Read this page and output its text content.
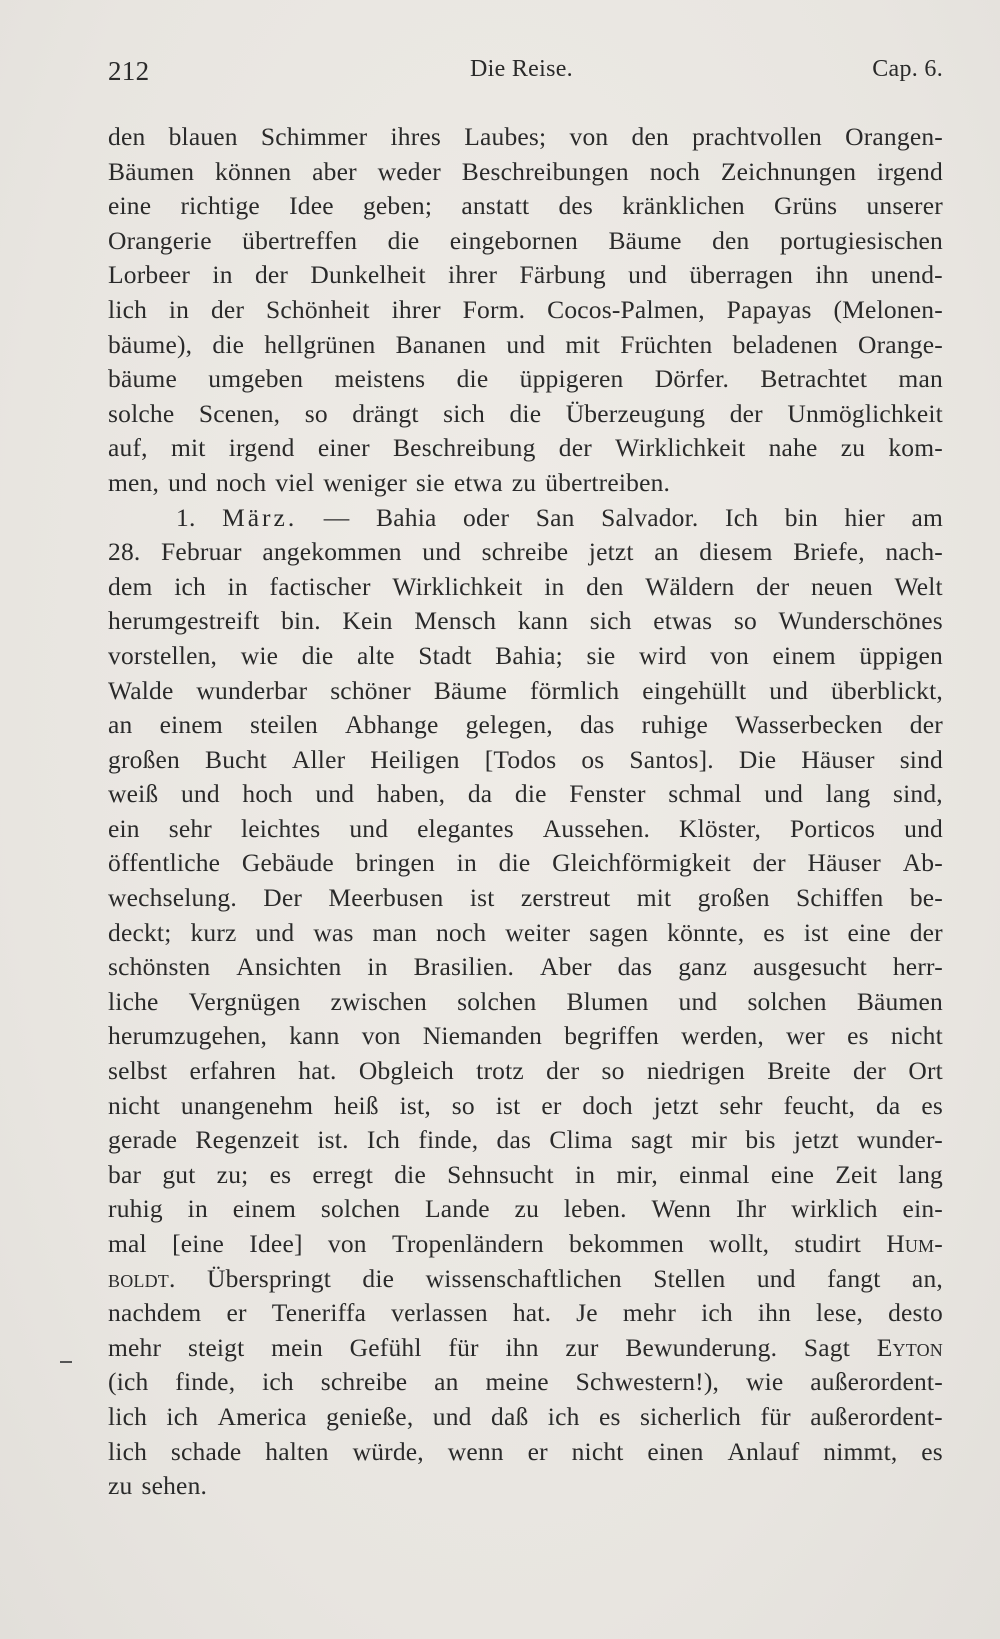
212	Die Reise.	Cap. 6.
den blauen Schimmer ihres Laubes; von den prachtvollen Orangen-
Bäumen können aber weder Beschreibungen noch Zeichnungen irgend
eine richtige Idee geben; anstatt des kränklichen Grüns unserer
Orangerie übertreffen die eingebornen Bäume den portugiesischen
Lorbeer in der Dunkelheit ihrer Färbung und überragen ihn unend-
lich in der Schönheit ihrer Form. Cocos-Palmen, Papayas (Melonen-
bäume), die hellgrünen Bananen und mit Früchten beladenen Orange-
bäume umgeben meistens die üppigeren Dörfer. Betrachtet man
solche Scenen, so drängt sich die Überzeugung der Unmöglichkeit
auf, mit irgend einer Beschreibung der Wirklichkeit nahe zu kom-
men, und noch viel weniger sie etwa zu übertreiben.
1. März. — Bahia oder San Salvador. Ich bin hier am
28. Februar angekommen und schreibe jetzt an diesem Briefe, nach-
dem ich in factischer Wirklichkeit in den Wäldern der neuen Welt
herumgestreift bin. Kein Mensch kann sich etwas so Wunderschönes
vorstellen, wie die alte Stadt Bahia; sie wird von einem üppigen
Walde wunderbar schöner Bäume förmlich eingehüllt und überblickt,
an einem steilen Abhange gelegen, das ruhige Wasserbecken der
großen Bucht Aller Heiligen [Todos os Santos]. Die Häuser sind
weiß und hoch und haben, da die Fenster schmal und lang sind,
ein sehr leichtes und elegantes Aussehen. Klöster, Porticos und
öffentliche Gebäude bringen in die Gleichförmigkeit der Häuser Ab-
wechselung. Der Meerbusen ist zerstreut mit großen Schiffen be-
deckt; kurz und was man noch weiter sagen könnte, es ist eine der
schönsten Ansichten in Brasilien. Aber das ganz ausgesucht herr-
liche Vergnügen zwischen solchen Blumen und solchen Bäumen
herumzugehen, kann von Niemanden begriffen werden, wer es nicht
selbst erfahren hat. Obgleich trotz der so niedrigen Breite der Ort
nicht unangenehm heiß ist, so ist er doch jetzt sehr feucht, da es
gerade Regenzeit ist. Ich finde, das Clima sagt mir bis jetzt wunder-
bar gut zu; es erregt die Sehnsucht in mir, einmal eine Zeit lang
ruhig in einem solchen Lande zu leben. Wenn Ihr wirklich ein-
mal [eine Idee] von Tropenländern bekommen wollt, studirt Hum-
boldt. Überspringt die wissenschaftlichen Stellen und fangt an,
nachdem er Teneriffa verlassen hat. Je mehr ich ihn lese, desto
mehr steigt mein Gefühl für ihn zur Bewunderung. Sagt Eyton
(ich finde, ich schreibe an meine Schwestern!), wie außerordent-
lich ich America genieße, und daß ich es sicherlich für außerordent-
lich schade halten würde, wenn er nicht einen Anlauf nimmt, es
zu sehen.
